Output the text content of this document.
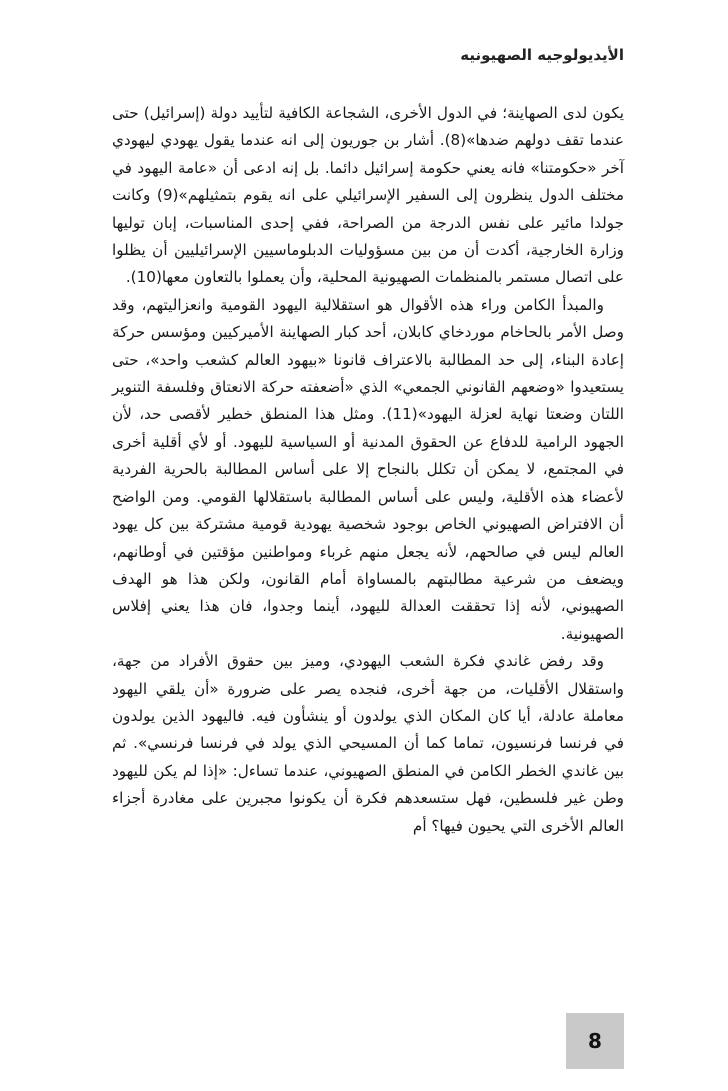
الأيديولوجيه الصهيونيه

يكون لدى الصهاينة؛ في الدول الأخرى، الشجاعة الكافية لتأييد دولة (إسرائيل) حتى عندما تقف دولهم ضدها»(8). أشار بن جوريون إلى انه عندما يقول يهودي ليهودي آخر «حكومتنا» فانه يعني حكومة إسرائيل دائما. بل إنه ادعى أن «عامة اليهود في مختلف الدول ينظرون إلى السفير الإسرائيلي على انه يقوم بتمثيلهم»(9) وكانت جولدا مائير على نفس الدرجة من الصراحة، ففي إحدى المناسبات، إبان توليها وزارة الخارجية، أكدت أن من بين مسؤوليات الدبلوماسيين الإسرائيليين أن يظلوا على اتصال مستمر بالمنظمات الصهيونية المحلية، وأن يعملوا بالتعاون معها(10).

والمبدأ الكامن وراء هذه الأقوال هو استقلالية اليهود القومية وانعزاليتهم، وقد وصل الأمر بالحاخام موردخاي كابلان، أحد كبار الصهاينة الأميركيين ومؤسس حركة إعادة البناء، إلى حد المطالبة بالاعتراف قانونا «بيهود العالم كشعب واحد»، حتى يستعيدوا «وضعهم القانوني الجمعي» الذي «أضعفته حركة الانعتاق وفلسفة التنوير اللتان وضعتا نهاية لعزلة اليهود»(11). ومثل هذا المنطق خطير لأقصى حد، لأن الجهود الرامية للدفاع عن الحقوق المدنية أو السياسية لليهود. أو لأي أقلية أخرى في المجتمع، لا يمكن أن تكلل بالنجاح إلا على أساس المطالبة بالحرية الفردية لأعضاء هذه الأقلية، وليس على أساس المطالبة باستقلالها القومي. ومن الواضح أن الافتراض الصهيوني الخاص بوجود شخصية يهودية قومية مشتركة بين كل يهود العالم ليس في صالحهم، لأنه يجعل منهم غرباء ومواطنين مؤقتين في أوطانهم، ويضعف من شرعية مطالبتهم بالمساواة أمام القانون، ولكن هذا هو الهدف الصهيوني، لأنه إذا تحققت العدالة لليهود، أينما وجدوا، فان هذا يعني إفلاس الصهيونية.

وقد رفض غاندي فكرة الشعب اليهودي، وميز بين حقوق الأفراد من جهة، واستقلال الأقليات، من جهة أخرى، فنجده يصر على ضرورة «أن يلقي اليهود معاملة عادلة، أيا كان المكان الذي يولدون أو ينشأون فيه. فاليهود الذين يولدون في فرنسا فرنسيون، تماما كما أن المسيحي الذي يولد في فرنسا فرنسي». ثم بين غاندي الخطر الكامن في المنطق الصهيوني، عندما تساءل: «إذا لم يكن لليهود وطن غير فلسطين، فهل ستسعدهم فكرة أن يكونوا مجبرين على مغادرة أجزاء العالم الأخرى التي يحيون فيها؟ أم

8
